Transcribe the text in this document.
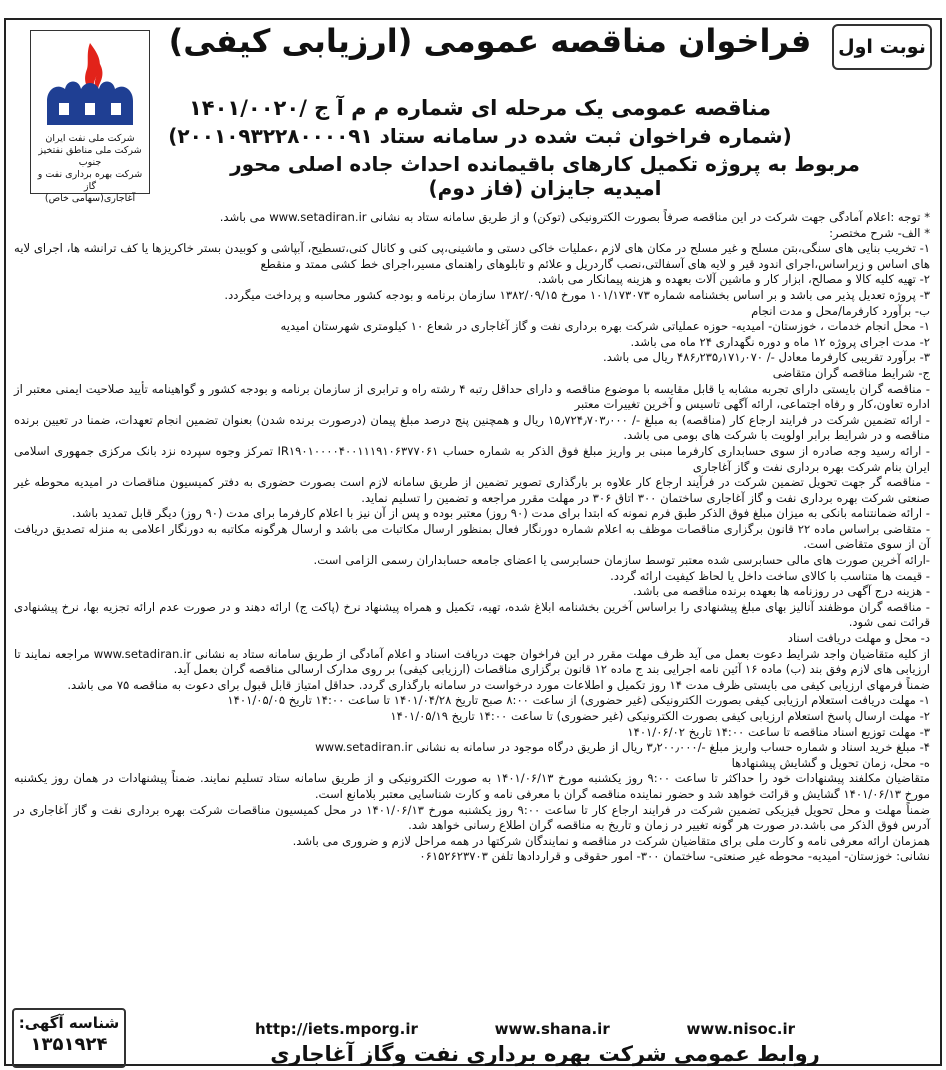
شرکت ملی نفت ایران
شرکت ملی مناطق نفتخیز جنوب
شرکت بهره برداری نفت و گاز
آغاجاری(سهامی خاص)
نوبت اول
فراخوان مناقصه عمومی (ارزیابی کیفی)
مناقصه عمومی یک مرحله ای شماره م م آ ج /۱۴۰۱/۰۰۲۰
(شماره فراخوان ثبت شده در سامانه ستاد ۲۰۰۱۰۹۳۲۲۸۰۰۰۰۹۱)
مربوط به پروژه تکمیل کارهای باقیمانده احداث جاده اصلی محور امیدیه جایزان (فاز دوم)

* توجه :اعلام آمادگی جهت شرکت در این مناقصه صرفاً بصورت الکترونیکی (توکن) و از طریق سامانه ستاد به نشانی www.setadiran.ir می باشد.

* الف- شرح مختصر:

۱- تخریب بنایی های سنگی،بتن مسلح و غیر مسلح در مکان های لازم ،عملیات خاکی دستی و ماشینی،پی کنی و کانال کنی،تسطیح، آبپاشی و کوبیدن بستر خاکریزها یا کف ترانشه ها، اجرای لایه های اساس و زیراساس،اجرای اندود قیر و لایه های آسفالتی،نصب گاردریل و علائم و تابلوهای راهنمای مسیر،اجرای خط کشی ممتد و منقطع

۲- تهیه کلیه کالا و مصالح، ابزار کار و ماشین آلات بعهده و هزینه پیمانکار می باشد.

۳- پروژه تعدیل پذیر می باشد و بر اساس بخشنامه شماره ۱۰۱/۱۷۳۰۷۳ مورخ ۱۳۸۲/۰۹/۱۵ سازمان برنامه و بودجه کشور محاسبه و پرداخت میگردد.

ب- برآورد کارفرما/محل و مدت انجام

۱- محل انجام خدمات ، خوزستان- امیدیه- حوزه عملیاتی شرکت بهره برداری نفت و گاز آغاجاری در شعاع ۱۰ کیلومتری شهرستان امیدیه

۲- مدت اجرای پروژه ۱۲ ماه و دوره نگهداری ۲۴ ماه می باشد.

۳- برآورد تقریبی کارفرما معادل -/ ۴۸۶٫۲۳۵٫۱۷۱٫۰۷۰ ریال می باشد.

ج- شرایط مناقصه گران متقاضی

- مناقصه گران بایستی دارای تجربه مشابه یا قابل مقایسه با موضوع مناقصه و دارای حداقل رتبه ۴ رشته راه و ترابری از سازمان برنامه و بودجه کشور و گواهینامه تأیید صلاحیت ایمنی معتبر از اداره تعاون،کار و رفاه اجتماعی، ارائه آگهی تاسیس و آخرین تغییرات معتبر

- ارائه تضمین شرکت در فرایند ارجاع کار (مناقصه) به مبلغ -/ ۱۵٫۷۲۴٫۷۰۳٫۰۰۰ ریال و همچنین پنج درصد مبلغ پیمان (درصورت برنده شدن) بعنوان تضمین انجام تعهدات، ضمنا در تعیین برنده مناقصه و در شرایط برابر اولویت با شرکت های بومی می باشد.

- ارائه رسید وجه صادره از سوی حسابداری کارفرما مبنی بر واریز مبلغ فوق الذکر به شماره حساب IR۱۹۰۱۰۰۰۰۴۰۰۱۱۱۹۱۰۶۳۷۷۰۶۱ تمرکز وجوه سپرده نزد بانک مرکزی جمهوری اسلامی ایران بنام شرکت بهره برداری نفت و گاز آغاجاری

- مناقصه گر جهت تحویل تضمین شرکت در فرآیند ارجاع کار علاوه بر بارگذاری تصویر تضمین از طریق سامانه لازم است بصورت حضوری به دفتر کمیسیون مناقصات در امیدیه محوطه غیر صنعتی شرکت بهره برداری نفت و گاز آغاجاری ساختمان ۳۰۰ اتاق ۳۰۶ در مهلت مقرر مراجعه و تضمین را تسلیم نماید.

- ارائه ضمانتنامه بانکی به میزان مبلغ فوق الذکر طبق فرم نمونه که ابتدا برای مدت (۹۰ روز) معتبر بوده و پس از آن نیز با اعلام کارفرما برای مدت (۹۰ روز) دیگر قابل تمدید باشد.

- متقاضی براساس ماده ۲۲ قانون برگزاری مناقصات موظف به اعلام شماره دورنگار فعال بمنظور ارسال مکاتبات می باشد و ارسال هرگونه مکاتبه به دورنگار اعلامی به منزله تصدیق دریافت آن از سوی متقاضی است.

-ارائه آخرین صورت های مالی حسابرسی شده معتبر توسط سازمان حسابرسی یا اعضای جامعه حسابداران رسمی الزامی است.

- قیمت ها متناسب با کالای ساخت داخل یا لحاظ کیفیت ارائه گردد.

- هزینه درج آگهی در روزنامه ها بعهده برنده مناقصه می باشد.

- مناقصه گران موظفند آنالیز بهای مبلغ پیشنهادی را براساس آخرین بخشنامه ابلاغ شده، تهیه، تکمیل و همراه پیشنهاد نرخ (پاکت ج) ارائه دهند و در صورت عدم ارائه تجزیه بها، نرخ پیشنهادی قرائت نمی شود.

د- محل و مهلت دریافت اسناد

از کلیه متقاضیان واجد شرایط دعوت بعمل می آید ظرف مهلت مقرر در این فراخوان جهت دریافت اسناد و اعلام آمادگی از طریق سامانه ستاد به نشانی www.setadiran.ir مراجعه نمایند تا ارزیابی های لازم وفق بند (ب) ماده ۱۶ آئین نامه اجرایی بند ج ماده ۱۲ قانون برگزاری مناقصات (ارزیابی کیفی) بر روی مدارک ارسالی مناقصه گران بعمل آید.

ضمناً فرمهای ارزیابی کیفی می بایستی ظرف مدت ۱۴ روز تکمیل و اطلاعات مورد درخواست در سامانه بارگذاری گردد. حداقل امتیاز قابل قبول برای دعوت به مناقصه ۷۵ می باشد.

۱- مهلت دریافت استعلام ارزیابی کیفی بصورت الکترونیکی (غیر حضوری) از ساعت ۸:۰۰ صبح تاریخ ۱۴۰۱/۰۴/۲۸ تا ساعت ۱۴:۰۰ تاریخ ۱۴۰۱/۰۵/۰۵

۲- مهلت ارسال پاسخ استعلام ارزیابی کیفی بصورت الکترونیکی (غیر حضوری) تا ساعت ۱۴:۰۰ تاریخ ۱۴۰۱/۰۵/۱۹

۳- مهلت توزیع اسناد مناقصه تا ساعت ۱۴:۰۰ تاریخ ۱۴۰۱/۰۶/۰۲

۴- مبلغ خرید اسناد و شماره حساب واریز مبلغ -/۳٫۲۰۰٫۰۰۰ ریال از طریق درگاه موجود در سامانه به نشانی www.setadiran.ir

ه- محل، زمان تحویل و گشایش پیشنهادها

متقاضیان مکلفند پیشنهادات خود را حداکثر تا ساعت ۹:۰۰ روز یکشنبه مورخ ۱۴۰۱/۰۶/۱۳ به صورت الکترونیکی و از طریق سامانه ستاد تسلیم نمایند. ضمناً پیشنهادات در همان روز یکشنبه مورخ ۱۴۰۱/۰۶/۱۳ گشایش و قرائت خواهد شد و حضور نماینده مناقصه گران با معرفی نامه و کارت شناسایی معتبر بلامانع است.

ضمناً مهلت و محل تحویل فیزیکی تضمین شرکت در فرایند ارجاع کار تا ساعت ۹:۰۰ روز یکشنبه مورخ ۱۴۰۱/۰۶/۱۳ در محل کمیسیون مناقصات شرکت بهره برداری نفت و گاز آغاجاری در آدرس فوق الذکر می باشد.در صورت هر گونه تغییر در زمان و تاریخ به مناقصه گران اطلاع رسانی خواهد شد.

همزمان ارائه معرفی نامه و کارت ملی برای متقاضیان شرکت در مناقصه و نمایندگان شرکتها در همه مراحل لازم و ضروری می باشد.

نشانی: خوزستان- امیدیه- محوطه غیر صنعتی- ساختمان ۳۰۰- امور حقوقی و قراردادها تلفن ۰۶۱۵۲۶۲۳۷۰۳

http://iets.mporg.ir	www.shana.ir	www.nisoc.ir
روابط عمومی شرکت بهره برداری نفت وگاز آغاجاری
شناسه آگهی:
۱۳۵۱۹۲۴
